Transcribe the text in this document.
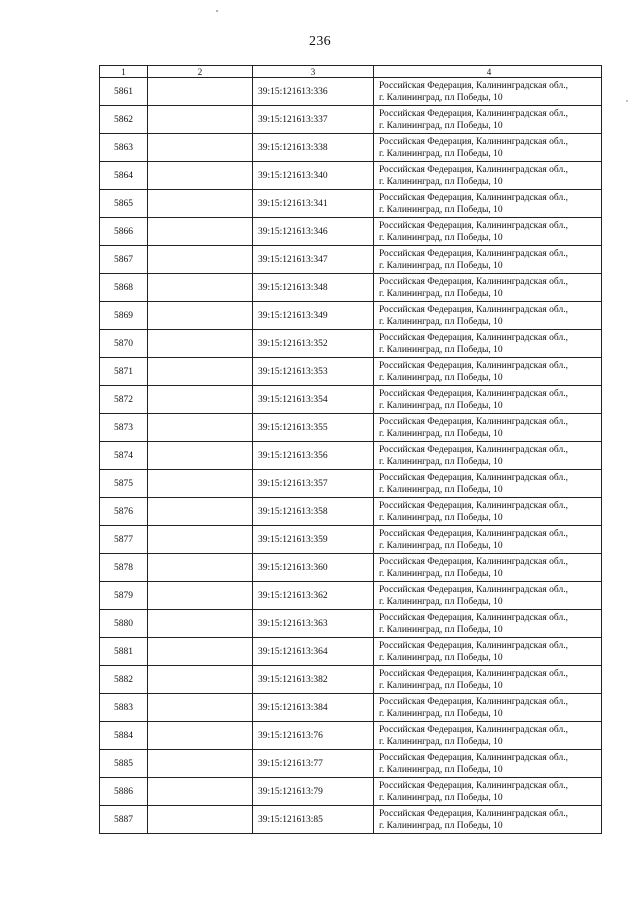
236
1	2	3	4
5861		39:15:121613:336	Российская Федерация, Калининградская обл.,
г. Калининград, пл Победы, 10

5862		39:15:121613:337	Российская Федерация, Калининградская обл.,
г. Калининград, пл Победы, 10

5863		39:15:121613:338	Российская Федерация, Калининградская обл.,
г. Калининград, пл Победы, 10

5864		39:15:121613:340	Российская Федерация, Калининградская обл.,
г. Калининград, пл Победы, 10

5865		39:15:121613:341	Российская Федерация, Калининградская обл.,
г. Калининград, пл Победы, 10

5866		39:15:121613:346	Российская Федерация, Калининградская обл.,
г. Калининград, пл Победы, 10

5867		39:15:121613:347	Российская Федерация, Калининградская обл.,
г. Калининград, пл Победы, 10

5868		39:15:121613:348	Российская Федерация, Калининградская обл.,
г. Калининград, пл Победы, 10

5869		39:15:121613:349	Российская Федерация, Калининградская обл.,
г. Калининград, пл Победы, 10

5870		39:15:121613:352	Российская Федерация, Калининградская обл.,
г. Калининград, пл Победы, 10

5871		39:15:121613:353	Российская Федерация, Калининградская обл.,
г. Калининград, пл Победы, 10

5872		39:15:121613:354	Российская Федерация, Калининградская обл.,
г. Калининград, пл Победы, 10

5873		39:15:121613:355	Российская Федерация, Калининградская обл.,
г. Калининград, пл Победы, 10

5874		39:15:121613:356	Российская Федерация, Калининградская обл.,
г. Калининград, пл Победы, 10

5875		39:15:121613:357	Российская Федерация, Калининградская обл.,
г. Калининград, пл Победы, 10

5876		39:15:121613:358	Российская Федерация, Калининградская обл.,
г. Калининград, пл Победы, 10

5877		39:15:121613:359	Российская Федерация, Калининградская обл.,
г. Калининград, пл Победы, 10

5878		39:15:121613:360	Российская Федерация, Калининградская обл.,
г. Калининград, пл Победы, 10

5879		39:15:121613:362	Российская Федерация, Калининградская обл.,
г. Калининград, пл Победы, 10

5880		39:15:121613:363	Российская Федерация, Калининградская обл.,
г. Калининград, пл Победы, 10

5881		39:15:121613:364	Российская Федерация, Калининградская обл.,
г. Калининград, пл Победы, 10

5882		39:15:121613:382	Российская Федерация, Калининградская обл.,
г. Калининград, пл Победы, 10

5883		39:15:121613:384	Российская Федерация, Калининградская обл.,
г. Калининград, пл Победы, 10

5884		39:15:121613:76	Российская Федерация, Калининградская обл.,
г. Калининград, пл Победы, 10

5885		39:15:121613:77	Российская Федерация, Калининградская обл.,
г. Калининград, пл Победы, 10

5886		39:15:121613:79	Российская Федерация, Калининградская обл.,
г. Калининград, пл Победы, 10

5887		39:15:121613:85	Российская Федерация, Калининградская обл.,
г. Калининград, пл Победы, 10
